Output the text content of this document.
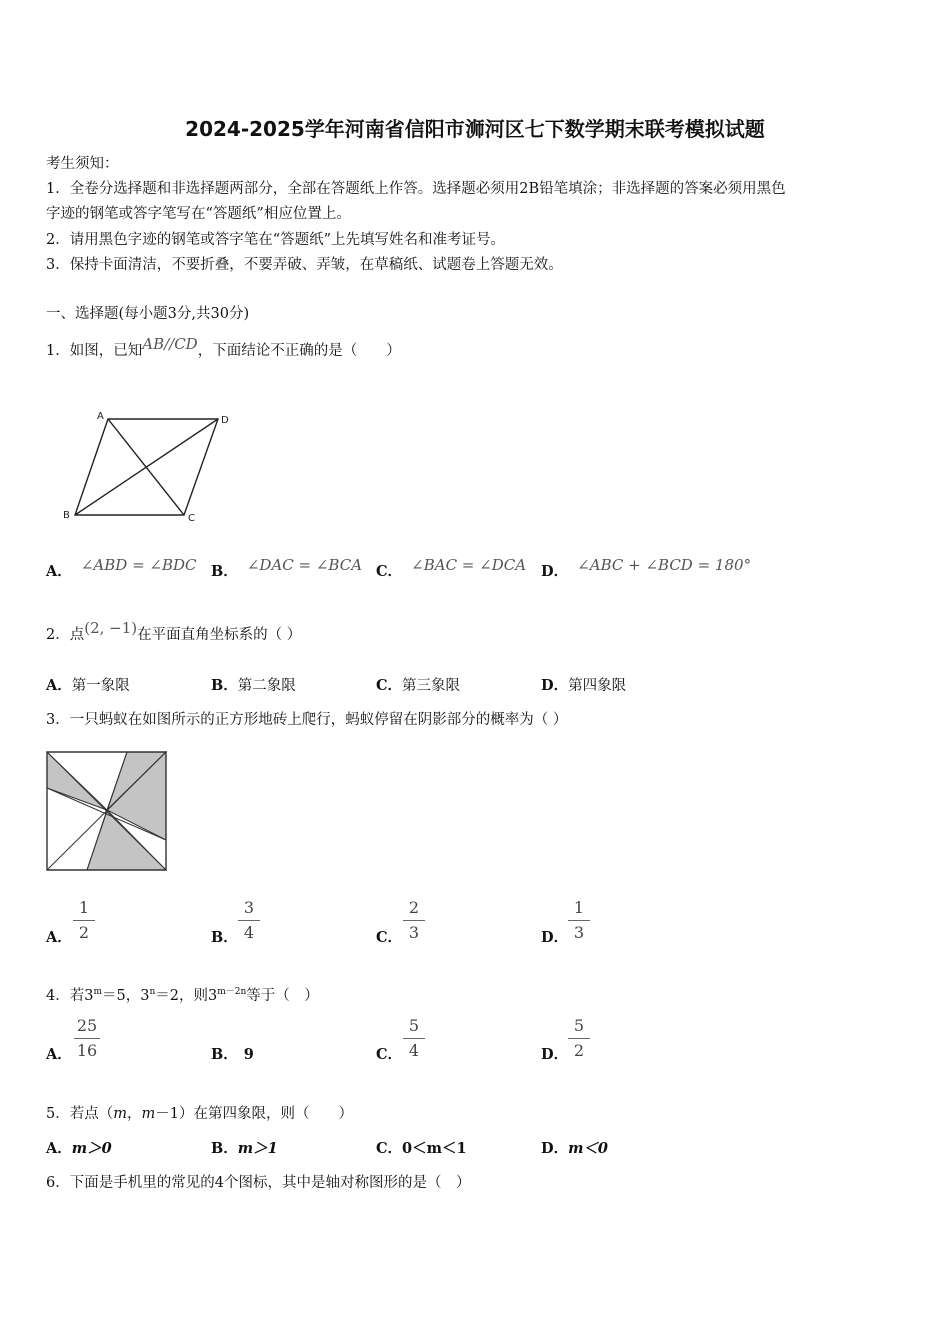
2024-2025学年河南省信阳市浉河区七下数学期末联考模拟试题
考生须知：
1．全卷分选择题和非选择题两部分，全部在答题纸上作答。选择题必须用2B铅笔填涂；非选择题的答案必须用黑色
字迹的钢笔或答字笔写在“答题纸”相应位置上。
2．请用黑色字迹的钢笔或答字笔在“答题纸”上先填写姓名和准考证号。
3．保持卡面清洁，不要折叠，不要弄破、弄皱，在草稿纸、试题卷上答题无效。
一、选择题(每小题3分,共30分)
1．如图，已知AB//CD，下面结论不正确的是（　　）
A	D
B	C
A． ∠ABD = ∠BDC B． ∠DAC = ∠BCA C． ∠BAC = ∠DCA D． ∠ABC + ∠BCD = 180°
2．点(2, −1)在平面直角坐标系的（ ）
A．第一象限	B．第二象限	C．第三象限	D．第四象限
3．一只蚂蚁在如图所示的正方形地砖上爬行，蚂蚁停留在阴影部分的概率为（ ）
A．
1
2	B．
3
4	C．
2
3	D．
1
3
4．若$3^m=5$，$3^n=2$，则$3^{m-2n}$等于（　）
A．
25
16	B． 9	C．
5
4	D．
5
2
5．若点（m，m－1）在第四象限，则（　　）
A．m＞0	B．m＞1	C．0＜m＜1	D．m＜0
6．下面是手机里的常见的4个图标，其中是轴对称图形的是（　）
